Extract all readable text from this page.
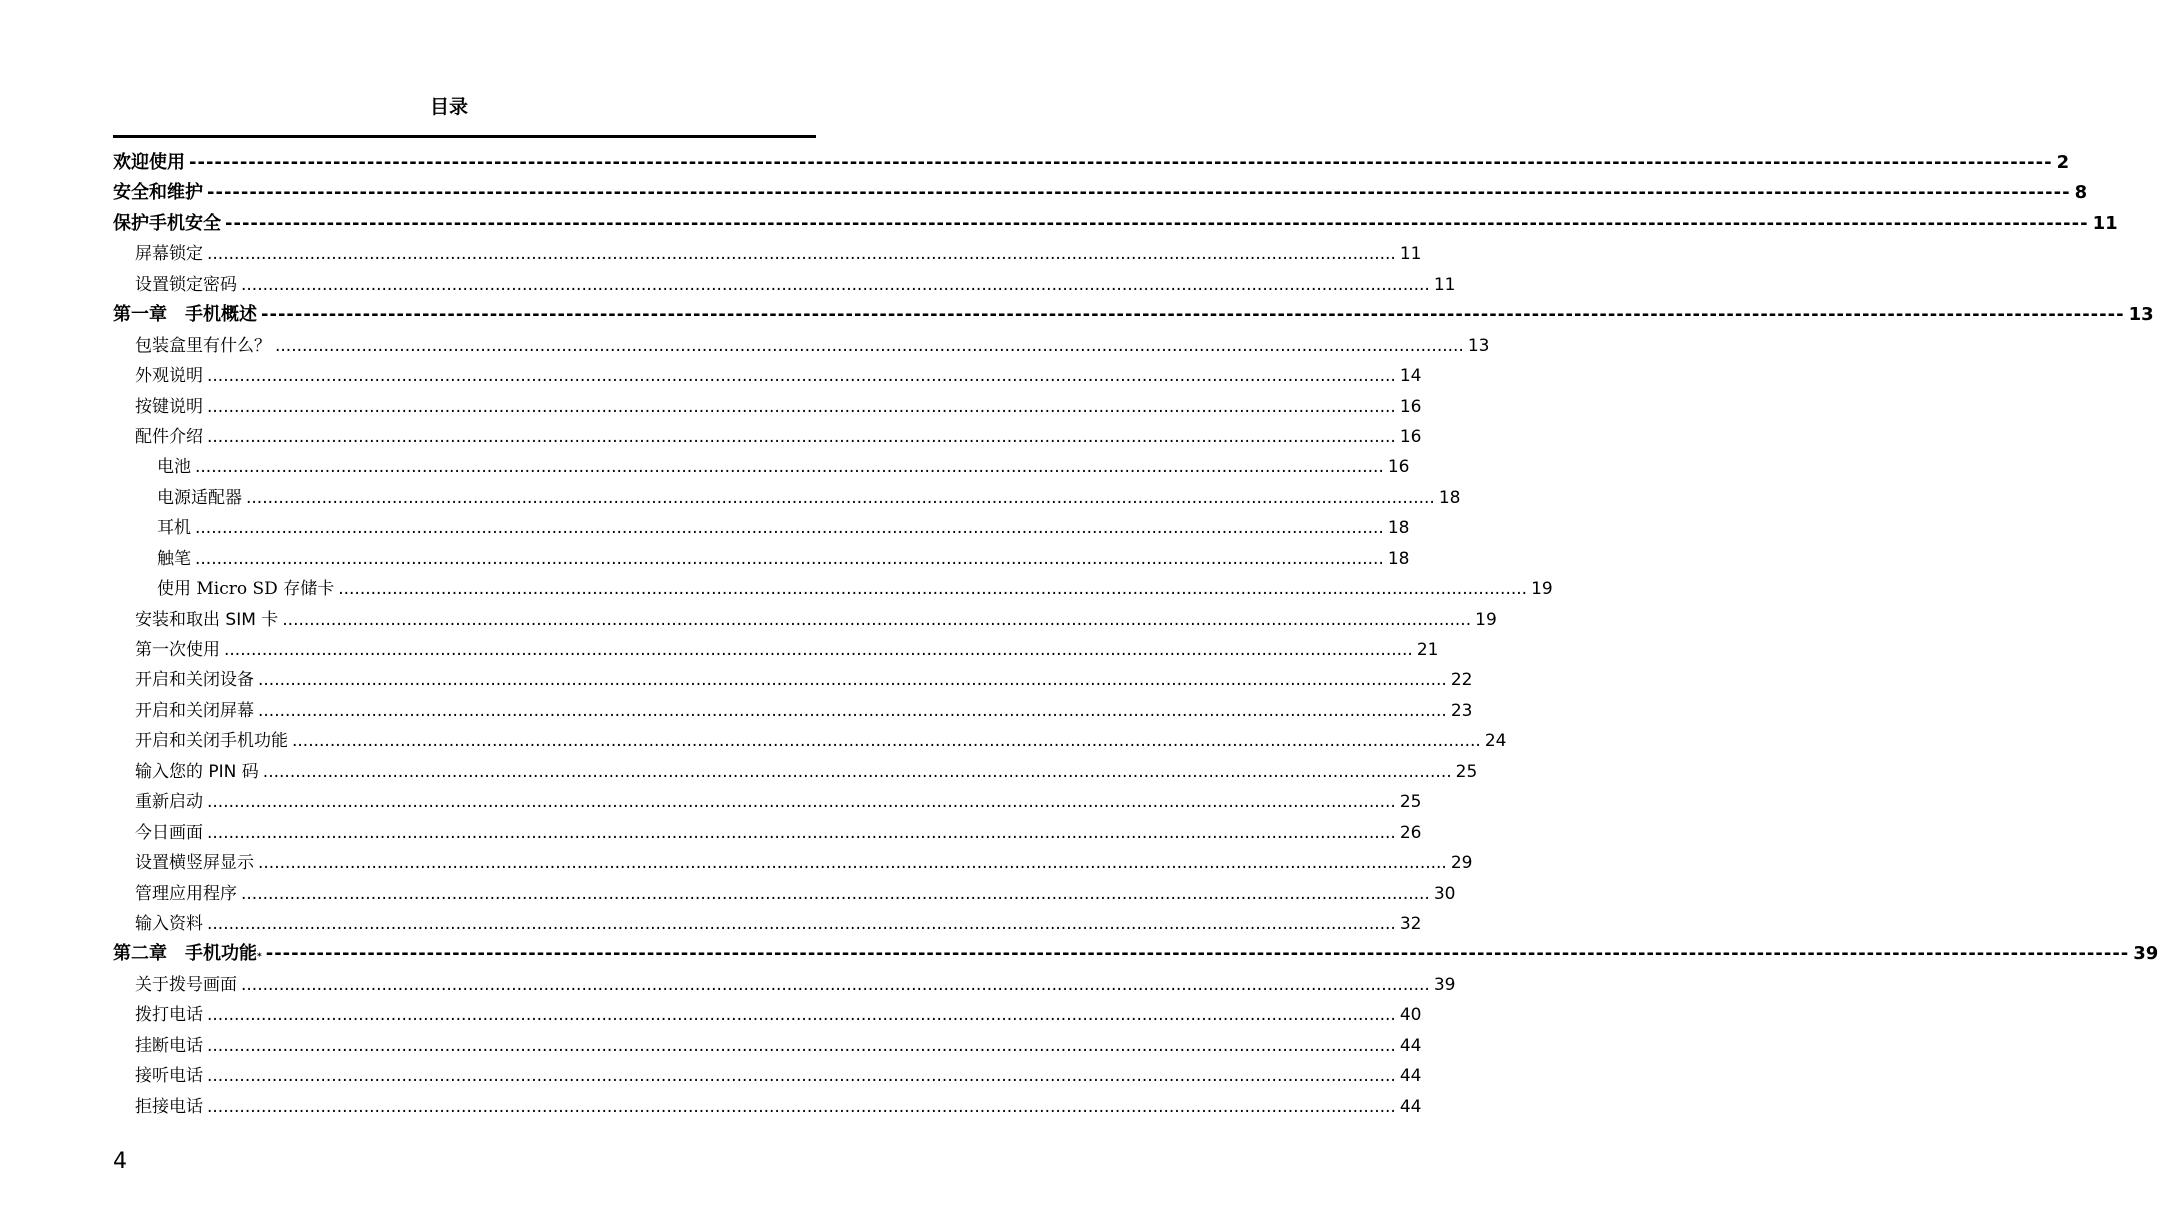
目录
欢迎使用 ---------------------------------------------------------------------------------------------------------------------------------------------------------------------------------------------------------------------------- 2
安全和维护 ---------------------------------------------------------------------------------------------------------------------------------------------------------------------------------------------------------------------------- 8
保护手机安全 ---------------------------------------------------------------------------------------------------------------------------------------------------------------------------------------------------------------------------- 11
屏幕锁定 ............................................................................................................................................................................................................................ 11
设置锁定密码 ............................................................................................................................................................................................................................ 11
第一章　手机概述 ---------------------------------------------------------------------------------------------------------------------------------------------------------------------------------------------------------------------------- 13
包装盒里有什么？ ............................................................................................................................................................................................................................ 13
外观说明 ............................................................................................................................................................................................................................ 14
按键说明 ............................................................................................................................................................................................................................ 16
配件介绍 ............................................................................................................................................................................................................................ 16
电池 ............................................................................................................................................................................................................................ 16
电源适配器 ............................................................................................................................................................................................................................ 18
耳机 ............................................................................................................................................................................................................................ 18
触笔 ............................................................................................................................................................................................................................ 18
使用 Micro SD 存储卡 ............................................................................................................................................................................................................................ 19
安装和取出 SIM 卡 ............................................................................................................................................................................................................................ 19
第一次使用 ............................................................................................................................................................................................................................ 21
开启和关闭设备 ............................................................................................................................................................................................................................ 22
开启和关闭屏幕 ............................................................................................................................................................................................................................ 23
开启和关闭手机功能 ............................................................................................................................................................................................................................ 24
输入您的 PIN 码 ............................................................................................................................................................................................................................ 25
重新启动 ............................................................................................................................................................................................................................ 25
今日画面 ............................................................................................................................................................................................................................ 26
设置横竖屏显示 ............................................................................................................................................................................................................................ 29
管理应用程序 ............................................................................................................................................................................................................................ 30
输入资料 ............................................................................................................................................................................................................................ 32
第二章　手机功能 * ---------------------------------------------------------------------------------------------------------------------------------------------------------------------------------------------------------------------------- 39
关于拨号画面 ............................................................................................................................................................................................................................ 39
拨打电话 ............................................................................................................................................................................................................................ 40
挂断电话 ............................................................................................................................................................................................................................ 44
接听电话 ............................................................................................................................................................................................................................ 44
拒接电话 ............................................................................................................................................................................................................................ 44
4
